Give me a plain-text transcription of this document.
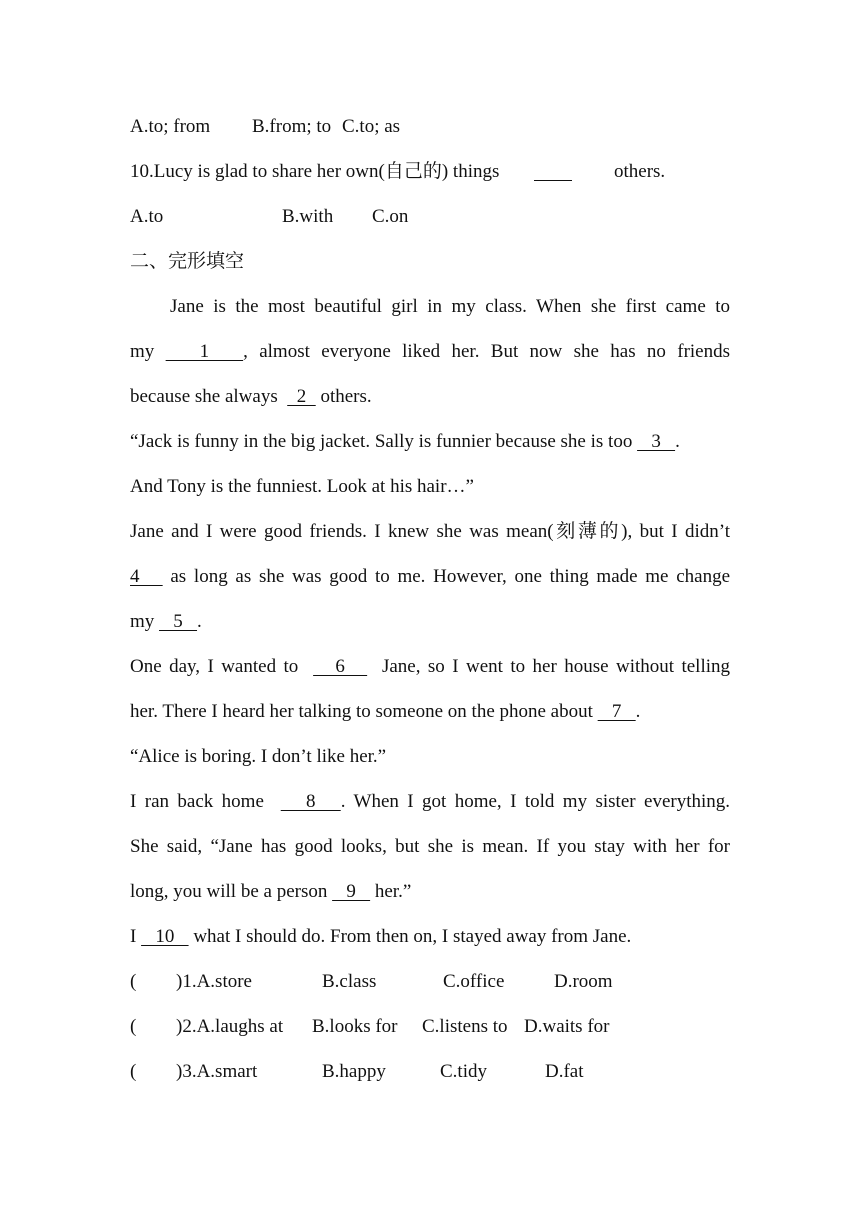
A.to; from B.from; to C.to; as
10.Lucy is glad to share her own(自己的) things
	others.
A.to	B.with C.on
二、完形填空
Jane is the most beautiful girl in my class. When she first came to
my    1   , almost everyone liked her. But now she has no friends
because she always    2   others.
“Jack is funny in the big jacket. Sally is funnier because she is too    3   .
And Tony is the funniest. Look at his hair…”
Jane and I were good friends. I knew she was mean(刻薄的), but I didn’t
4    as long as she was good to me. However, one thing made me change
my    5   .
One day, I wanted to     6     Jane, so I went to her house without telling
her. There I heard her talking to someone on the phone about    7   .
“Alice is boring. I don’t like her.”
I ran back home     8   . When I got home, I told my sister everything.
She said, “Jane has good looks, but she is mean. If you stay with her for
long, you will be a person    9    her.”
I    10    what I should do. From then on, I stayed away from Jane.
( )1.A.store	B.class	C.office	D.room
( )2.A.laughs at B.looks for C.listens to D.waits for
( )3.A.smart	B.happy	C.tidy	D.fat
